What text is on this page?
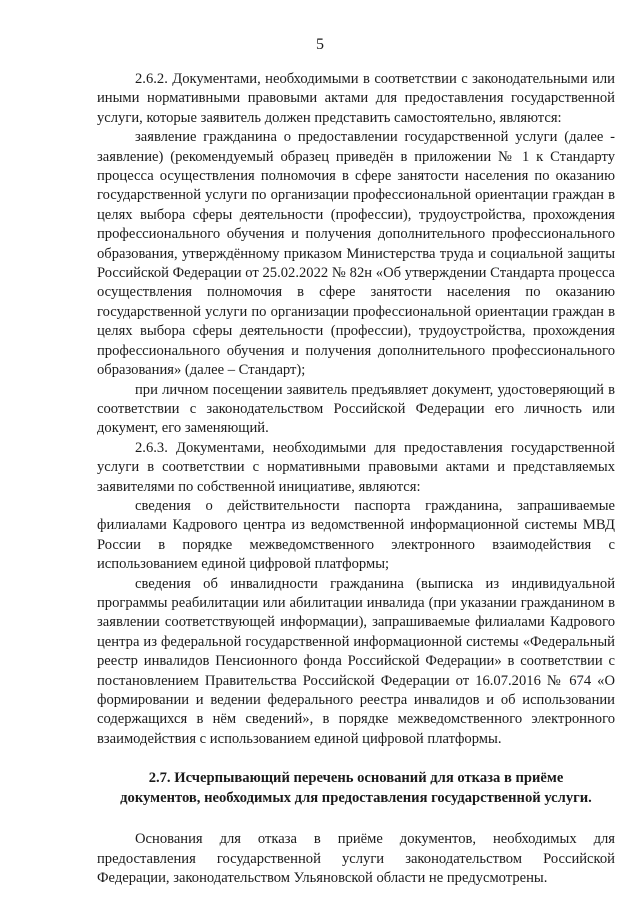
5

2.6.2. Документами, необходимыми в соответствии с законодательными или иными нормативными правовыми актами для предоставления государственной услуги, которые заявитель должен представить самостоятельно, являются:

заявление гражданина о предоставлении государственной услуги (далее - заявление) (рекомендуемый образец приведён в приложении № 1 к Стандарту процесса осуществления полномочия в сфере занятости населения по оказанию государственной услуги по организации профессиональной ориентации граждан в целях выбора сферы деятельности (профессии), трудоустройства, прохождения профессионального обучения и получения дополнительного профессионального образования, утверждённому приказом Министерства труда и социальной защиты Российской Федерации от 25.02.2022 № 82н «Об утверждении Стандарта процесса осуществления полномочия в сфере занятости населения по оказанию государственной услуги по организации профессиональной ориентации граждан в целях выбора сферы деятельности (профессии), трудоустройства, прохождения профессионального обучения и получения дополнительного профессионального образования» (далее – Стандарт);

при личном посещении заявитель предъявляет документ, удостоверяющий в соответствии с законодательством Российской Федерации его личность или документ, его заменяющий.

2.6.3. Документами, необходимыми для предоставления государственной услуги в соответствии с нормативными правовыми актами и представляемых заявителями по собственной инициативе, являются:

сведения о действительности паспорта гражданина, запрашиваемые филиалами Кадрового центра из ведомственной информационной системы МВД России в порядке межведомственного электронного взаимодействия с использованием единой цифровой платформы;

сведения об инвалидности гражданина (выписка из индивидуальной программы реабилитации или абилитации инвалида (при указании гражданином в заявлении соответствующей информации), запрашиваемые филиалами Кадрового центра из федеральной государственной информационной системы «Федеральный реестр инвалидов Пенсионного фонда Российской Федерации» в соответствии с постановлением Правительства Российской Федерации от 16.07.2016 № 674 «О формировании и ведении федерального реестра инвалидов и об использовании содержащихся в нём сведений», в порядке межведомственного электронного взаимодействия с использованием единой цифровой платформы.

2.7. Исчерпывающий перечень оснований для отказа в приёме документов, необходимых для предоставления государственной услуги.

Основания для отказа в приёме документов, необходимых для предоставления государственной услуги законодательством Российской Федерации, законодательством Ульяновской области не предусмотрены.
